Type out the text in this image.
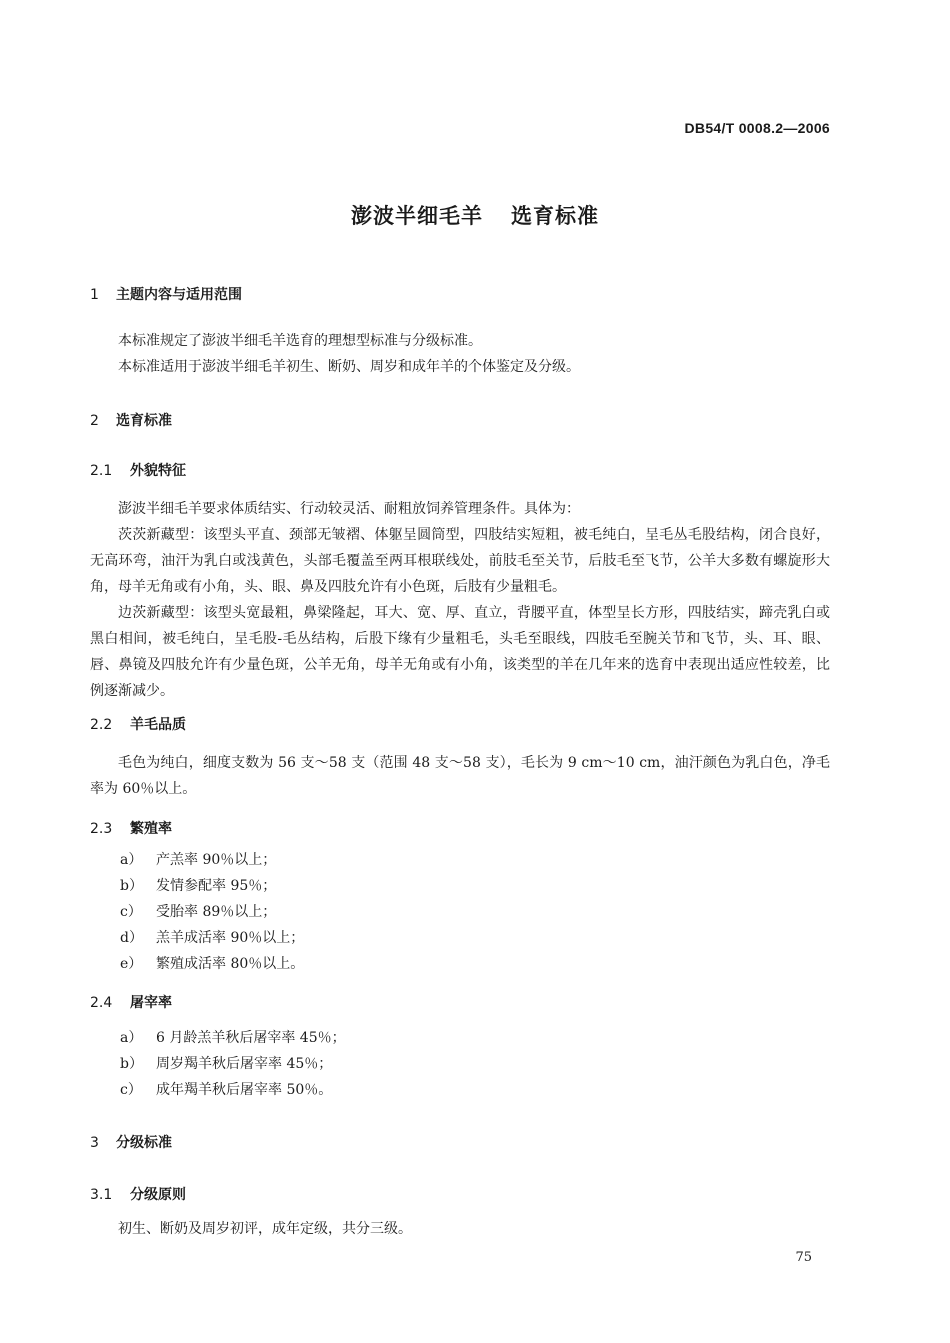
DB54/T 0008.2—2006
澎波半细毛羊 选育标准
1 主题内容与适用范围
本标准规定了澎波半细毛羊选育的理想型标准与分级标准。
本标准适用于澎波半细毛羊初生、断奶、周岁和成年羊的个体鉴定及分级。
2 选育标准
2.1 外貌特征
澎波半细毛羊要求体质结实、行动较灵活、耐粗放饲养管理条件。具体为：
茨茨新藏型：该型头平直、颈部无皱褶、体躯呈圆筒型，四肢结实短粗，被毛纯白，呈毛丛毛股结构，闭合良好，无高环弯，油汗为乳白或浅黄色，头部毛覆盖至两耳根联线处，前肢毛至关节，后肢毛至飞节，公羊大多数有螺旋形大角，母羊无角或有小角，头、眼、鼻及四肢允许有小色斑，后肢有少量粗毛。
边茨新藏型：该型头宽最粗，鼻梁隆起，耳大、宽、厚、直立，背腰平直，体型呈长方形，四肢结实，蹄壳乳白或黑白相间，被毛纯白，呈毛股-毛丛结构，后股下缘有少量粗毛，头毛至眼线，四肢毛至腕关节和飞节，头、耳、眼、唇、鼻镜及四肢允许有少量色斑，公羊无角，母羊无角或有小角，该类型的羊在几年来的选育中表现出适应性较差，比例逐渐减少。
2.2 羊毛品质
毛色为纯白，细度支数为 56 支～58 支（范围 48 支～58 支），毛长为 9 cm～10 cm，油汗颜色为乳白色，净毛率为 60％以上。
2.3 繁殖率
a） 产羔率 90％以上；
b） 发情参配率 95％；
c） 受胎率 89％以上；
d） 羔羊成活率 90％以上；
e） 繁殖成活率 80％以上。
2.4 屠宰率
a） 6 月龄羔羊秋后屠宰率 45％；
b） 周岁羯羊秋后屠宰率 45％；
c） 成年羯羊秋后屠宰率 50％。
3 分级标准
3.1 分级原则
初生、断奶及周岁初评，成年定级，共分三级。
75
